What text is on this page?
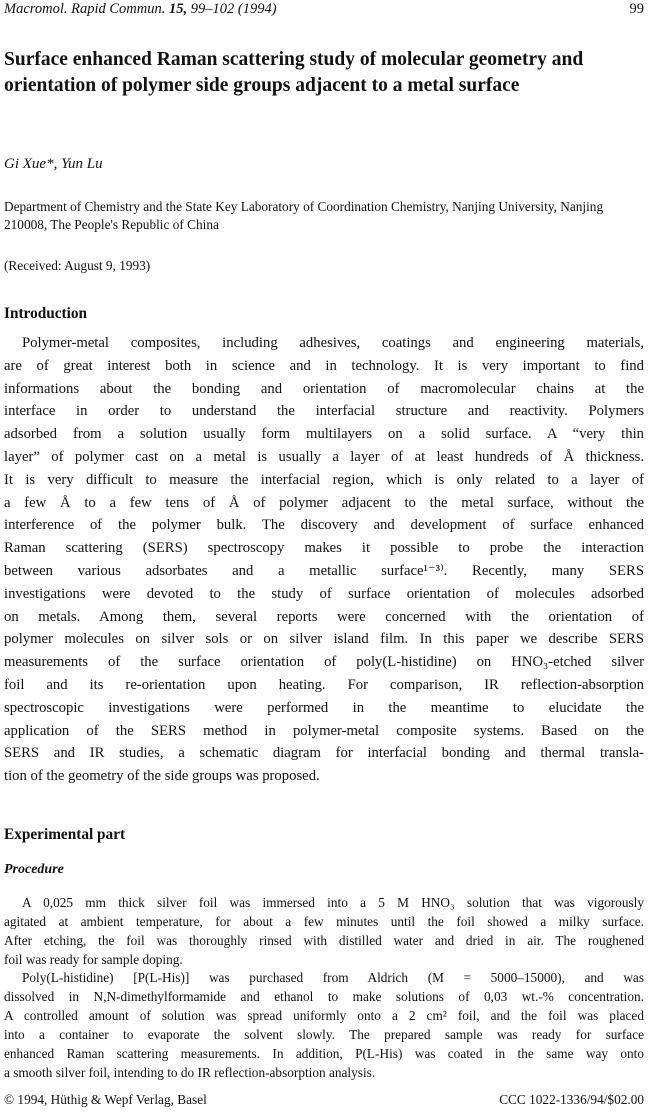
Macromol. Rapid Commun. 15, 99–102 (1994)	99
Surface enhanced Raman scattering study of molecular geometry and orientation of polymer side groups adjacent to a metal surface
Gi Xue*, Yun Lu
Department of Chemistry and the State Key Laboratory of Coordination Chemistry, Nanjing University, Nanjing 210008, The People's Republic of China
(Received: August 9, 1993)
Introduction
Polymer-metal composites, including adhesives, coatings and engineering materials,
are of great interest both in science and in technology. It is very important to find
informations about the bonding and orientation of macromolecular chains at the
interface in order to understand the interfacial structure and reactivity. Polymers
adsorbed from a solution usually form multilayers on a solid surface. A “very thin
layer” of polymer cast on a metal is usually a layer of at least hundreds of Å thickness.
It is very difficult to measure the interfacial region, which is only related to a layer of
a few Å to a few tens of Å of polymer adjacent to the metal surface, without the
interference of the polymer bulk. The discovery and development of surface enhanced
Raman scattering (SERS) spectroscopy makes it possible to probe the interaction
between various adsorbates and a metallic surface¹⁻³⁾. Recently, many SERS
investigations were devoted to the study of surface orientation of molecules adsorbed
on metals. Among them, several reports were concerned with the orientation of
polymer molecules on silver sols or on silver island film. In this paper we describe SERS
measurements of the surface orientation of poly(L-histidine) on HNO₃-etched silver
foil and its re-orientation upon heating. For comparison, IR reflection-absorption
spectroscopic investigations were performed in the meantime to elucidate the
application of the SERS method in polymer-metal composite systems. Based on the
SERS and IR studies, a schematic diagram for interfacial bonding and thermal transla-
tion of the geometry of the side groups was proposed.
Experimental part
Procedure
A 0,025 mm thick silver foil was immersed into a 5 M HNO₃ solution that was vigorously
agitated at ambient temperature, for about a few minutes until the foil showed a milky surface.
After etching, the foil was thoroughly rinsed with distilled water and dried in air. The roughened
foil was ready for sample doping.
Poly(L-histidine) [P(L-His)] was purchased from Aldrich (M = 5000–15000), and was
dissolved in N,N-dimethylformamide and ethanol to make solutions of 0,03 wt.-% concentration.
A controlled amount of solution was spread uniformly onto a 2 cm² foil, and the foil was placed
into a container to evaporate the solvent slowly. The prepared sample was ready for surface
enhanced Raman scattering measurements. In addition, P(L-His) was coated in the same way onto
a smooth silver foil, intending to do IR reflection-absorption analysis.
© 1994, Hüthig & Wepf Verlag, Basel	CCC 1022-1336/94/$02.00
